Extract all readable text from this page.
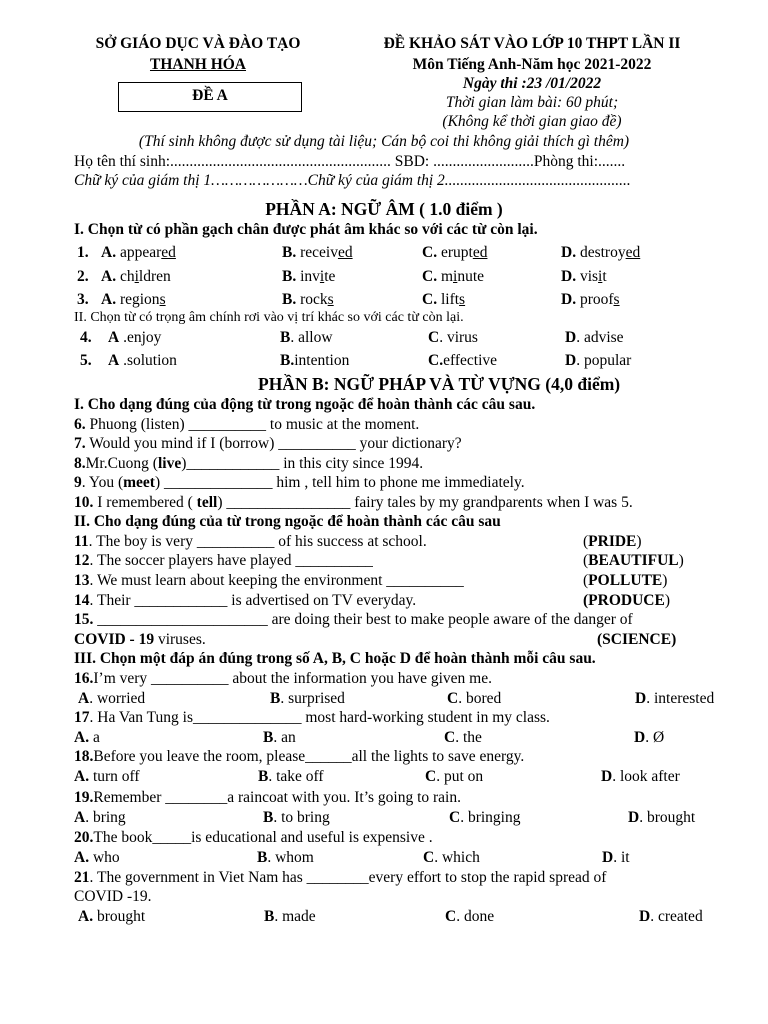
SỞ GIÁO DỤC VÀ ĐÀO TẠO
THANH HÓA
ĐỀ A
ĐỀ KHẢO SÁT VÀO LỚP 10 THPT LẦN II
Môn Tiếng Anh-Năm học 2021-2022
Ngày thi :23 /01/2022
Thời gian làm bài: 60 phút;
(Không kể thời gian giao đề)
(Thí sinh không được sử dụng tài liệu; Cán bộ coi thi không giải thích gì thêm)
Họ tên thí sinh:......................................................... SBD: ..........................Phòng thi:.......
Chữ ký của giám thị 1…………………Chữ ký của giám thị 2................................................
PHẦN A: NGỮ ÂM ( 1.0 điểm )
I. Chọn từ có phần gạch chân được phát âm khác so với các từ còn lại.
1. A. appeared	B. received	C. erupted	D. destroyed
2. A. children	B. invite	C. minute	D. visit
3. A. regions	B. rocks	C. lifts	D. proofs
II. Chọn từ có trọng âm chính rơi vào vị trí khác so với các từ còn lại.
4. A .enjoy	B. allow	C. virus	D. advise
5. A .solution	B.intention	C.effective	D. popular
PHẦN B: NGỮ PHÁP VÀ TỪ VỰNG (4,0 điểm)
I. Cho dạng đúng của động từ trong ngoặc để hoàn thành các câu sau.
6. Phuong (listen) __________ to music at the moment.
7. Would you mind if I (borrow) __________ your dictionary?
8.Mr.Cuong (live)____________ in this city since 1994.
9. You (meet) ______________ him , tell him to phone me immediately.
10. I remembered ( tell) ________________ fairy tales by my grandparents when I was 5.
II. Cho dạng đúng của từ trong ngoặc để hoàn thành các câu sau
11. The boy is very __________ of his success at school.	(PRIDE)
12. The soccer players have played __________	(BEAUTIFUL)
13. We must learn about keeping the environment __________	(POLLUTE)
14. Their ____________ is advertised on TV everyday.	(PRODUCE)
15. ______________________ are doing their best to make people aware of the danger of
COVID - 19 viruses.	(SCIENCE)
III. Chọn một đáp án đúng trong số A, B, C hoặc D để hoàn thành mỗi câu sau.
16.I’m very __________ about the information you have given me.
A. worried	B. surprised	C. bored	D. interested
17. Ha Van Tung is______________ most hard-working student in my class.
A. a	B. an	C. the	D. Ø
18.Before you leave the room, please______all the lights to save energy.
A. turn off	B. take off	C. put on	D. look after
19.Remember ________a raincoat with you. It’s going to rain.
A. bring	B. to bring	C. bringing	D. brought
20.The book_____is educational and useful is expensive .
A. who	B. whom	C. which	D. it
21. The government in Viet Nam has ________every effort to stop the rapid spread of
COVID -19.
A. brought	B. made	C. done	D. created
